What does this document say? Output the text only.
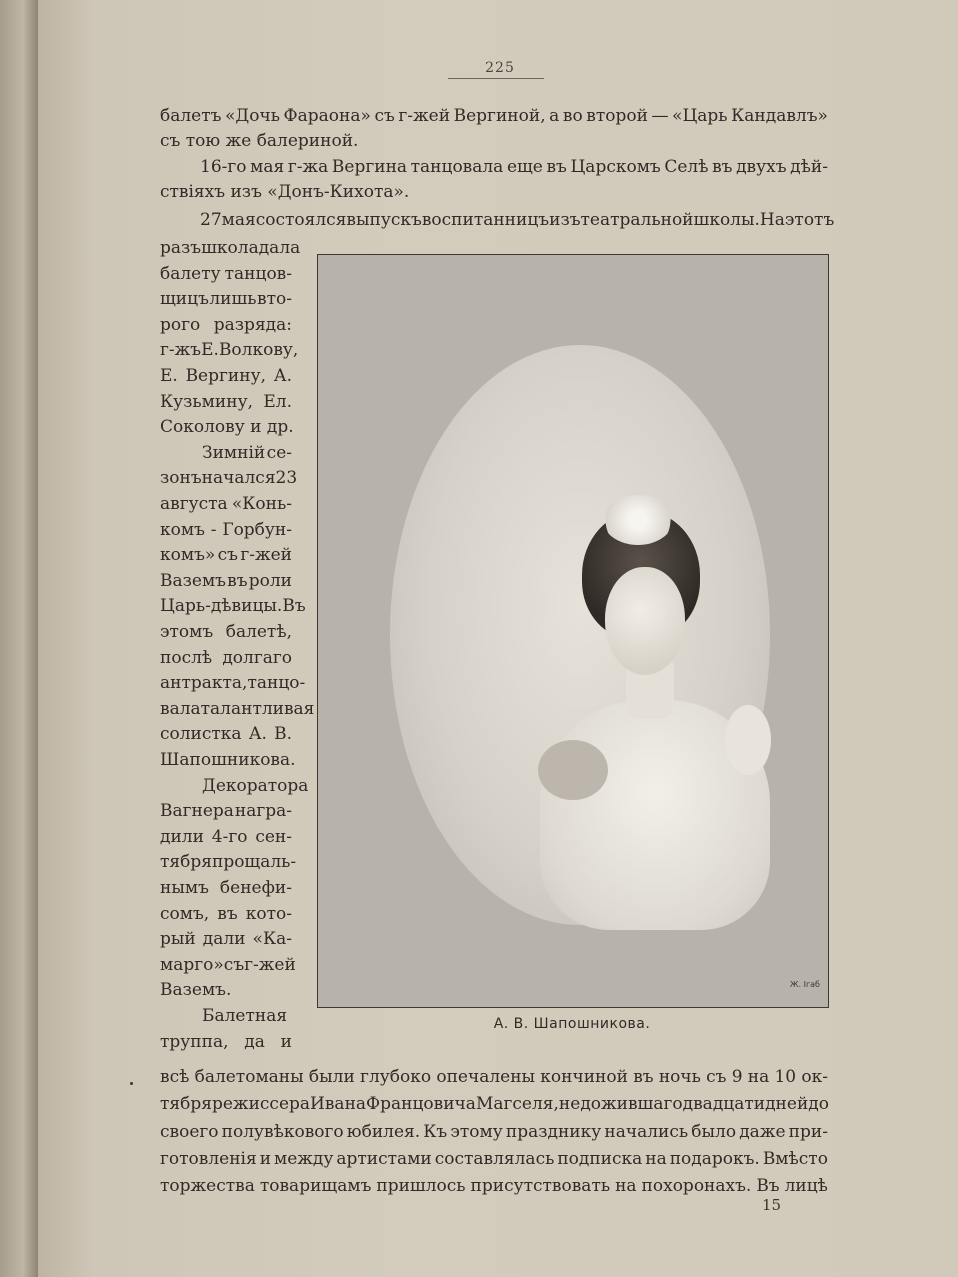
225
балетъ «Дочь Фараона» съ г-жей Вергиной, а во второй — «Царь Кандавлъ»
съ тою же балериной.
16-го мая г-жа Вергина танцовала еще въ Царскомъ Селѣ въ двухъ дѣй-
ствіяхъ изъ «Донъ-Кихота».
27 мая состоялся выпускъ воспитанницъ изъ театральной школы. На этотъ
разъ школа дала
балету танцов-
щицъ лишь вто-
рого разряда:
г-жъ Е. Волкову,
Е. Вергину, А.
Кузьмину, Ел.
Соколову и др.
Зимній се-
зонъ начался 23
августа «Конь-
комъ - Горбун-
комъ» съ г-жей
Ваземъ въ роли
Царь-дѣвицы. Въ
этомъ балетѣ,
послѣ долгаго
антракта, танцо-
вала талантливая
солистка А. В.
Шапошникова.
Декоратора
Вагнера награ-
дили 4-го сен-
тября прощаль-
нымъ бенефи-
сомъ, въ кото-
рый дали «Ка-
марго» съ г-жей
Ваземъ.
Балетная
труппа, да и
всѣ балетоманы были глубоко опечалены кончиной въ ночь съ 9 на 10 ок-
тября режиссера Ивана Францовича Магселя, не дожившаго двадцати дней до
своего полувѣкового юбилея. Къ этому празднику начались было даже при-
готовленія и между артистами составлялась подписка на подарокъ. Вмѣсто
торжества товарищамъ пришлось присутствовать на похоронахъ. Въ лицѣ
Ж. Ігаб
А. В. Шапошникова.
15
